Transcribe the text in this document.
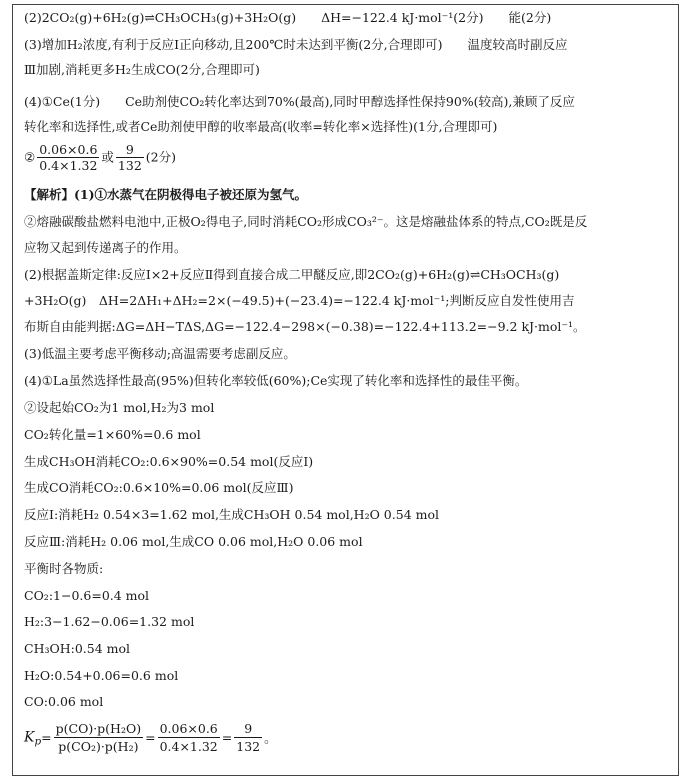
(2)2CO₂(g)+6H₂(g)⇌CH₃OCH₃(g)+3H₂O(g)　　ΔH=−122.4 kJ·mol⁻¹(2分)　　能(2分)
(3)增加H₂浓度,有利于反应Ⅰ正向移动,且200℃时未达到平衡(2分,合理即可)　　温度较高时副反应
Ⅲ加剧,消耗更多H₂生成CO(2分,合理即可)
(4)①Ce(1分)　　Ce助剂使CO₂转化率达到70%(最高),同时甲醇选择性保持90%(较高),兼顾了反应
转化率和选择性,或者Ce助剂使甲醇的收率最高(收率=转化率×选择性)(1分,合理即可)
② $\frac{0.06\times 0.6}{0.4\times 1.32}$ 或 $\frac{9}{132} (2$分)
【解析】(1)①水蒸气在阴极得电子被还原为氢气。
②熔融碳酸盐燃料电池中,正极O₂得电子,同时消耗CO₂形成CO₃²⁻。这是熔融盐体系的特点,CO₂既是反
应物又起到传递离子的作用。
(2)根据盖斯定律:反应Ⅰ×2+反应Ⅱ得到直接合成二甲醚反应,即2CO₂(g)+6H₂(g)⇌CH₃OCH₃(g)
+3H₂O(g)　ΔH=2ΔH₁+ΔH₂=2×(−49.5)+(−23.4)=−122.4 kJ·mol⁻¹;判断反应自发性使用吉
布斯自由能判据:ΔG=ΔH−TΔS,ΔG=−122.4−298×(−0.38)=−122.4+113.2=−9.2 kJ·mol⁻¹。
(3)低温主要考虑平衡移动;高温需要考虑副反应。
(4)①La虽然选择性最高(95%)但转化率较低(60%);Ce实现了转化率和选择性的最佳平衡。
②设起始CO₂为1 mol,H₂为3 mol
CO₂转化量=1×60%=0.6 mol
生成CH₃OH消耗CO₂:0.6×90%=0.54 mol(反应Ⅰ)
生成CO消耗CO₂:0.6×10%=0.06 mol(反应Ⅲ)
反应Ⅰ:消耗H₂ 0.54×3=1.62 mol,生成CH₃OH 0.54 mol,H₂O 0.54 mol
反应Ⅲ:消耗H₂ 0.06 mol,生成CO 0.06 mol,H₂O 0.06 mol
平衡时各物质:
CO₂:1−0.6=0.4 mol
H₂:3−1.62−0.06=1.32 mol
CH₃OH:0.54 mol
H₂O:0.54+0.06=0.6 mol
CO:0.06 mol
$K_p= \frac{\text{p(CO)·p(H₂O)}}{\text{p(CO₂)·p(H₂)}} = \frac{0.06\times 0.6}{0.4\times 1.32} = \frac{9}{132}$ 。
